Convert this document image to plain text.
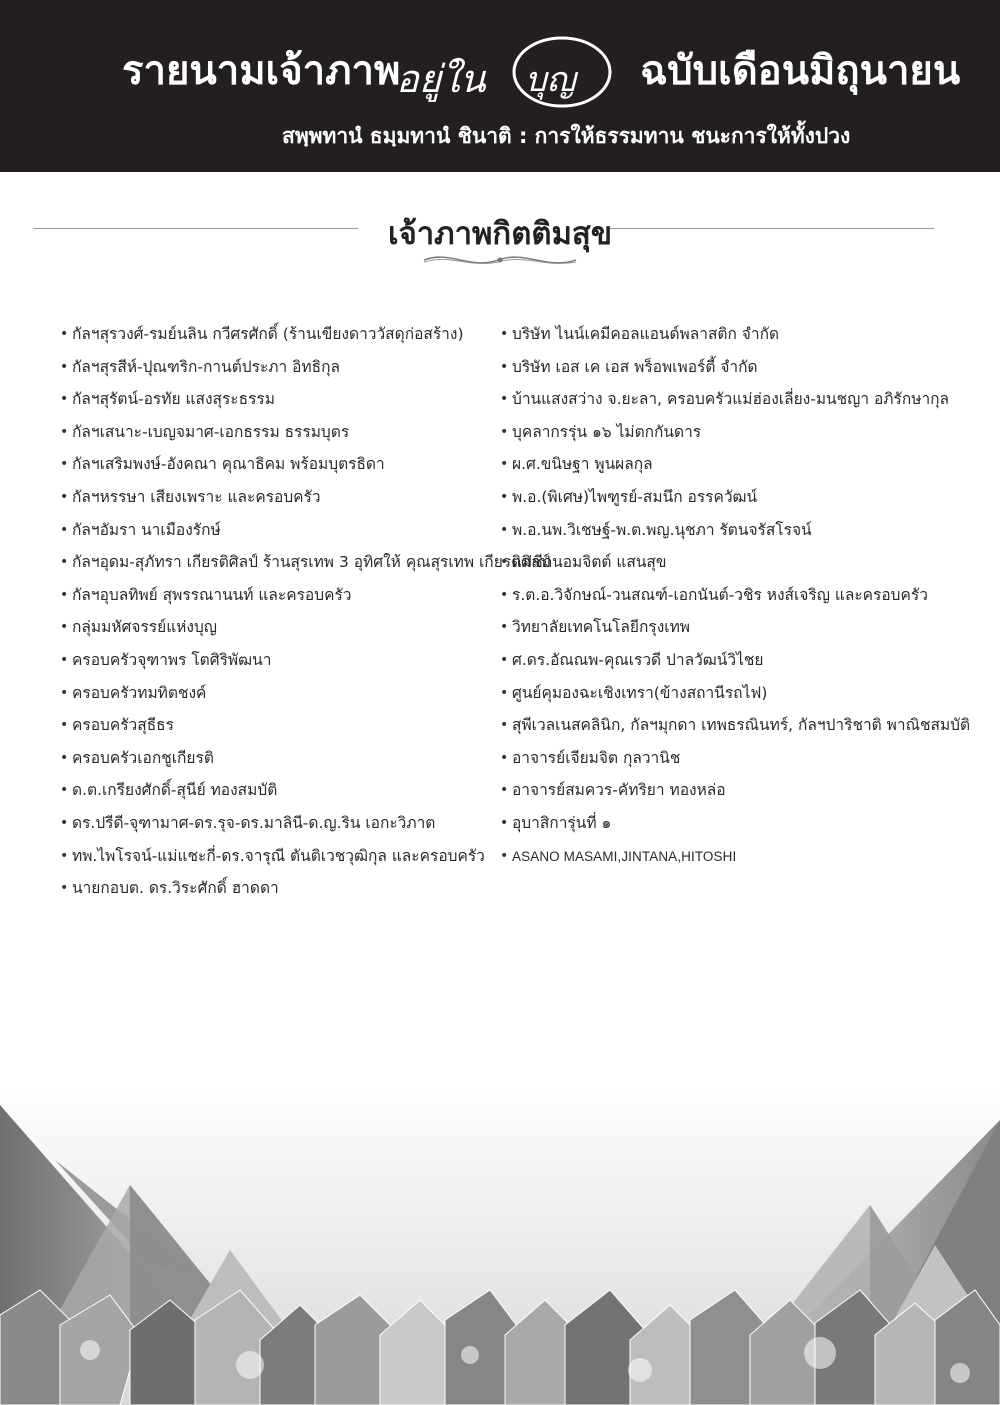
รายนามเจ้าภาพ
อยู่ใน บุญ ฉบับเดือนมิถุนายน
สพฺพทานํ ธมฺมทานํ ชินาติ : การให้ธรรมทาน ชนะการให้ทั้งปวง
เจ้าภาพกิตติมสุข
• กัลฯสุรวงศ์-รมย์นลิน กวีศรศักดิ์ (ร้านเขียงดาววัสดุก่อสร้าง)
• กัลฯสุรสีห์-ปุณฑริก-กานต์ประภา อิทธิกุล
• กัลฯสุรัตน์-อรทัย แสงสุระธรรม
• กัลฯเสนาะ-เบญจมาศ-เอกธรรม ธรรมบุตร
• กัลฯเสริมพงษ์-อังคณา คุณาธิคม พร้อมบุตรธิดา
• กัลฯหรรษา เสียงเพราะ และครอบครัว
• กัลฯอัมรา นาเมืองรักษ์
• กัลฯอุดม-สุภัทรา เกียรติศิลป์ ร้านสุรเทพ 3 อุทิศให้ คุณสุรเทพ เกียรติศิลป์
• กัลฯอุบลทิพย์ สุพรรณานนท์ และครอบครัว
• กลุ่มมหัศจรรย์แห่งบุญ
• ครอบครัวจุฑาพร โตศิริพัฒนา
• ครอบครัวทมทิตชงค์
• ครอบครัวสุธีธร
• ครอบครัวเอกชูเกียรติ
• ด.ต.เกรียงศักดิ์-สุนีย์ ทองสมบัติ
• ดร.ปรีดี-จุฑามาศ-ดร.รุจ-ดร.มาลินี-ด.ญ.ริน เอกะวิภาต
• ทพ.ไพโรจน์-แม่แชะกี่-ดร.จารุณี ตันติเวชวุฒิกุล และครอบครัว
• นายกอบต. ดร.วิระศักดิ์ ฮาดดา
• บริษัท ไนน์เคมีคอลแอนด์พลาสติก จำกัด
• บริษัท เอส เค เอส พร็อพเพอร์ตี้ จำกัด
• บ้านแสงสว่าง จ.ยะลา, ครอบครัวแม่ฮ่องเลี่ยง-มนชญา อภิรักษากุล
• บุคลากรรุ่น ๑๖ ไม่ตกกันดาร
• ผ.ศ.ขนิษฐา พูนผลกุล
• พ.อ.(พิเศษ)ไพฑูรย์-สมนึก อรรควัฒน์
• พ.อ.นพ.วิเชษฐ์-พ.ต.พญ.นุชภา รัตนจรัสโรจน์
• แม่ชีถนอมจิตต์ แสนสุข
• ร.ต.อ.วิจักษณ์-วนสณฑ์-เอกนันต์-วชิร หงส์เจริญ และครอบครัว
• วิทยาลัยเทคโนโลยีกรุงเทพ
• ศ.ดร.อัณณพ-คุณเรวดี ปาลวัฒน์วิไชย
• ศูนย์คุมองฉะเชิงเทรา(ข้างสถานีรถไฟ)
• สุพีเวลเนสคลินิก, กัลฯมุกดา เทพธรณินทร์, กัลฯปาริชาติ พาณิชสมบัติ
• อาจารย์เจียมจิต กุลวานิช
• อาจารย์สมควร-คัทริยา ทองหล่อ
• อุบาสิการุ่นที่ ๑
• ASANO MASAMI,JINTANA,HITOSHI
